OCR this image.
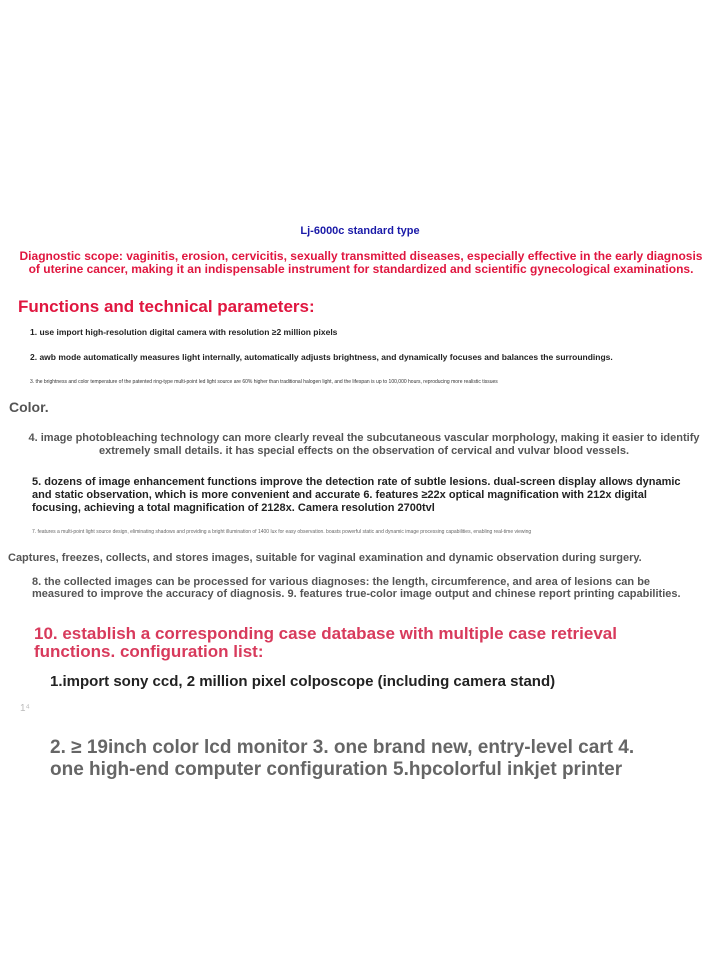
Lj-6000c standard type

Diagnostic scope: vaginitis, erosion, cervicitis, sexually transmitted diseases, especially effective in the early diagnosis of uterine cancer, making it an indispensable instrument for standardized and scientific gynecological examinations.

Functions and technical parameters:

1. use import high-resolution digital camera with resolution ≥2 million pixels

2. awb mode automatically measures light internally, automatically adjusts brightness, and dynamically focuses and balances the surroundings.

3. the brightness and color temperature of the patented ring-type multi-point led light source are 60% higher than traditional halogen light, and the lifespan is up to 100,000 hours, reproducing more realistic tissues

Color.

4. image photobleaching technology can more clearly reveal the subcutaneous vascular morphology, making it easier to identify extremely small details. it has special effects on the observation of cervical and vulvar blood vessels.

5. dozens of image enhancement functions improve the detection rate of subtle lesions. dual-screen display allows dynamic and static observation, which is more convenient and accurate 6. features ≥22x optical magnification with 212x digital focusing, achieving a total magnification of 2128x. Camera resolution 2700tvl

7. features a multi-point light source design, eliminating shadows and providing a bright illumination of 1400 lux for easy observation. boasts powerful static and dynamic image processing capabilities, enabling real-time viewing

Captures, freezes, collects, and stores images, suitable for vaginal examination and dynamic observation during surgery.

8. the collected images can be processed for various diagnoses: the length, circumference, and area of lesions can be measured to improve the accuracy of diagnosis. 9. features true-color image output and chinese report printing capabilities.

10. establish a corresponding case database with multiple case retrieval functions. configuration list:

1.import sony ccd, 2 million pixel colposcope (including camera stand)

1⁴

2. ≥ 19inch color lcd monitor 3. one brand new, entry-level cart 4. one high-end computer configuration 5.hpcolorful inkjet printer
